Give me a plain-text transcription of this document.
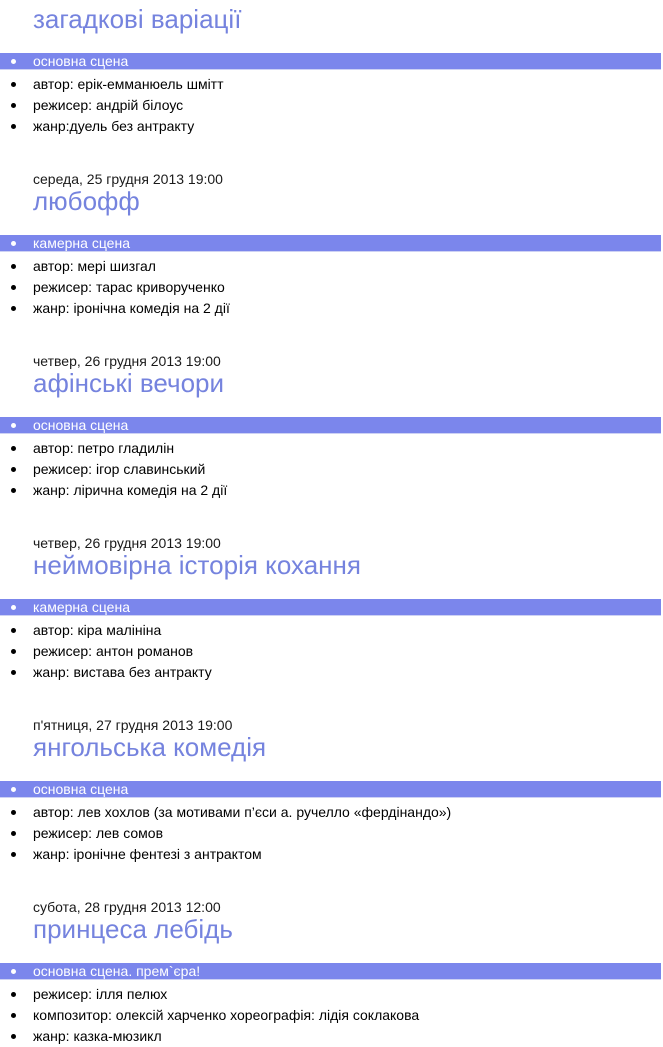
загадкові варіації
основна сцена
автор: ерік-емманюель шмітт
режисер: андрій білоус
жанр:дуель без антракту
середа, 25 грудня 2013 19:00
любофф
камерна сцена
автор: мері шизгал
режисер: тарас криворученко
жанр: іронічна комедія на 2 дії
четвер, 26 грудня 2013 19:00
афінські вечори
основна сцена
автор: петро гладилін
режисер: ігор славинський
жанр: лірична комедія на 2 дії
четвер, 26 грудня 2013 19:00
неймовірна історія кохання
камерна сцена
автор: кіра малініна
режисер: антон романов
жанр: вистава без антракту
п'ятниця, 27 грудня 2013 19:00
янгольська комедія
основна сцена
автор: лев хохлов (за мотивами п’єси а. ручелло «фердінандо»)
режисер: лев сомов
жанр: іронічне фентезі з антрактом
субота, 28 грудня 2013 12:00
принцеса лебідь
основна сцена. прем`єра!
режисер: ілля пелюх
композитор: олексій харченко хореографія: лідія соклакова
жанр: казка-мюзикл
